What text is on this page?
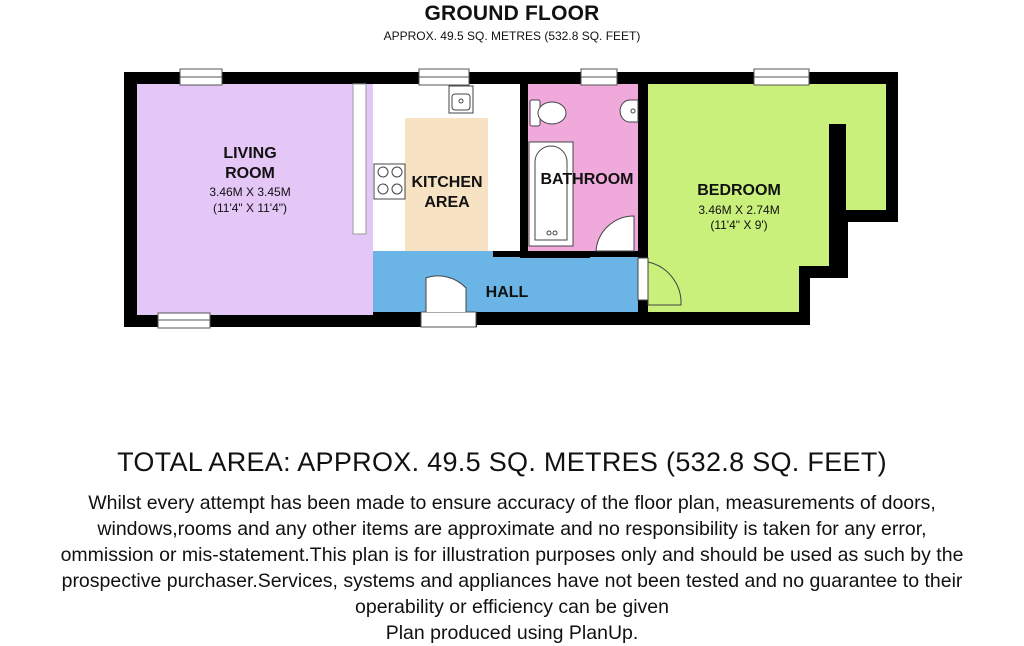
GROUND FLOOR
APPROX. 49.5 SQ. METRES (532.8 SQ. FEET)
LIVING
ROOM
3.46M X 3.45M
(11'4" X 11'4")
KITCHEN
AREA
BATHROOM
BEDROOM
3.46M X 2.74M
(11'4" X 9')
HALL
TOTAL AREA: APPROX. 49.5 SQ. METRES (532.8 SQ. FEET)
Whilst every attempt has been made to ensure accuracy of the floor plan, measurements of doors,
windows,rooms and any other items are approximate and no responsibility is taken for any error,
ommission or mis-statement.This plan is for illustration purposes only and should be used as such by the
prospective purchaser.Services, systems and appliances have not been tested and no guarantee to their
operability or efficiency can be given
Plan produced using PlanUp.
